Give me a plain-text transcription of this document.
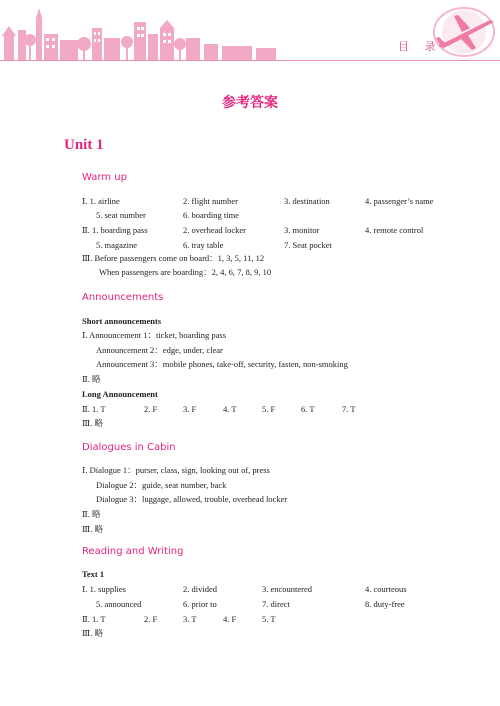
目 录
参考答案
Unit 1
Warm up
Ⅰ. 1. airline	2. flight number	3. destination	4. passenger’s name
5. seat number	6. boarding time
Ⅱ. 1. boarding pass	2. overhead locker	3. monitor	4. remote control
5. magazine	6. tray table	7. Seat pocket
Ⅲ. Before passengers come on board：1, 3, 5, 11, 12
When passengers are boarding：2, 4, 6, 7, 8, 9, 10
Announcements
Short announcements
Ⅰ. Announcement 1：ticket, boarding pass
Announcement 2：edge, under, clear
Announcement 3：mobile phones, take-off, security, fasten, non-smoking
Ⅱ. 略
Long Announcement
Ⅱ. 1. T	2. F	3. F	4. T	5. F	6. T	7. T
Ⅲ. 略
Dialogues in Cabin
Ⅰ. Dialogue 1：purser, class, sign, looking out of, press
Dialogue 2：guide, seat number, back
Dialogue 3：luggage, allowed, trouble, overhead locker
Ⅱ. 略
Ⅲ. 略
Reading and Writing
Text 1
Ⅰ. 1. supplies	2. divided	3. encountered	4. courteous
5. announced	6. prior to	7. direct	8. duty-free
Ⅱ. 1. T	2. F	3. T	4. F	5. T
Ⅲ. 略
